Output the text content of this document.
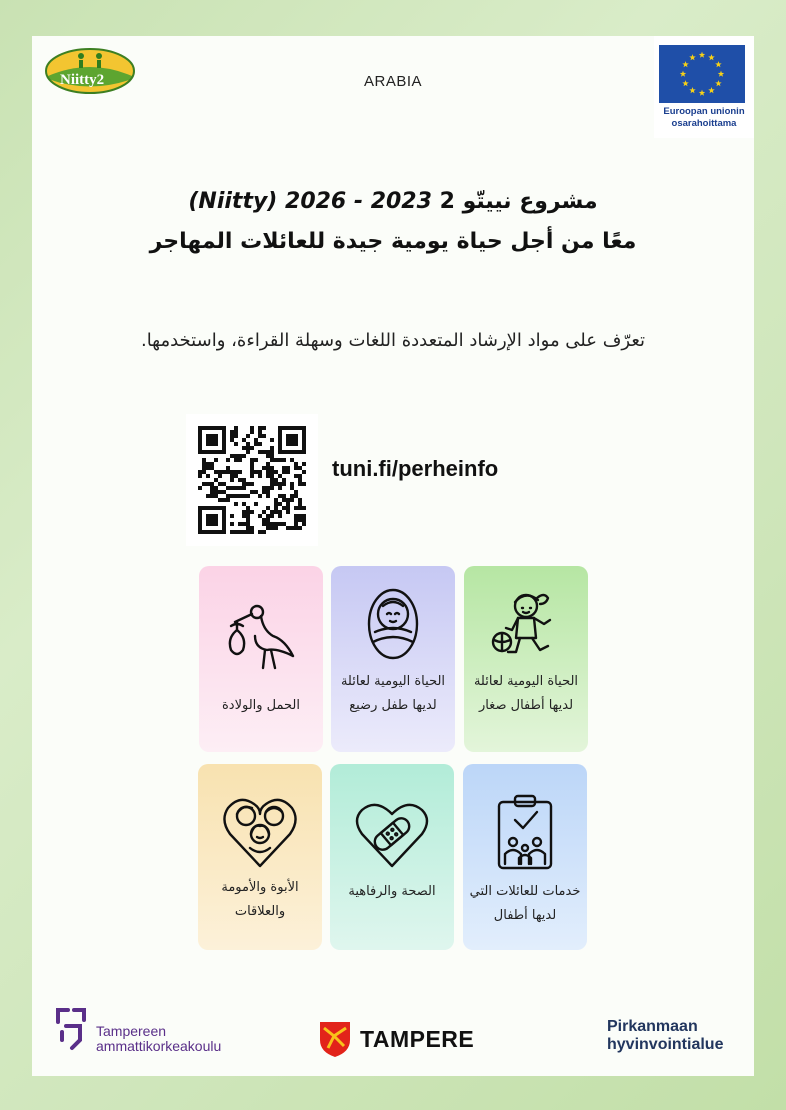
Niitty2	ARABIA
Euroopan unionin
osarahoittama
مشروع نييتّو 2 (Niitty) 2026 - 2023
معًا من أجل حياة يومية جيدة للعائلات المهاجر
تعرّف على مواد الإرشاد المتعددة اللغات وسهلة القراءة، واستخدمها.
tuni.fi/perheinfo
الحياة اليومية لعائلة لديها أطفال صغار
الحياة اليومية لعائلة لديها طفل رضيع
الحمل والولادة
خدمات للعائلات التي لديها أطفال
الصحة والرفاهية
الأبوة والأمومة والعلاقات
Tampereen
ammattikorkeakoulu	TAMPERE	Pirkanmaan
hyvinvointialue
